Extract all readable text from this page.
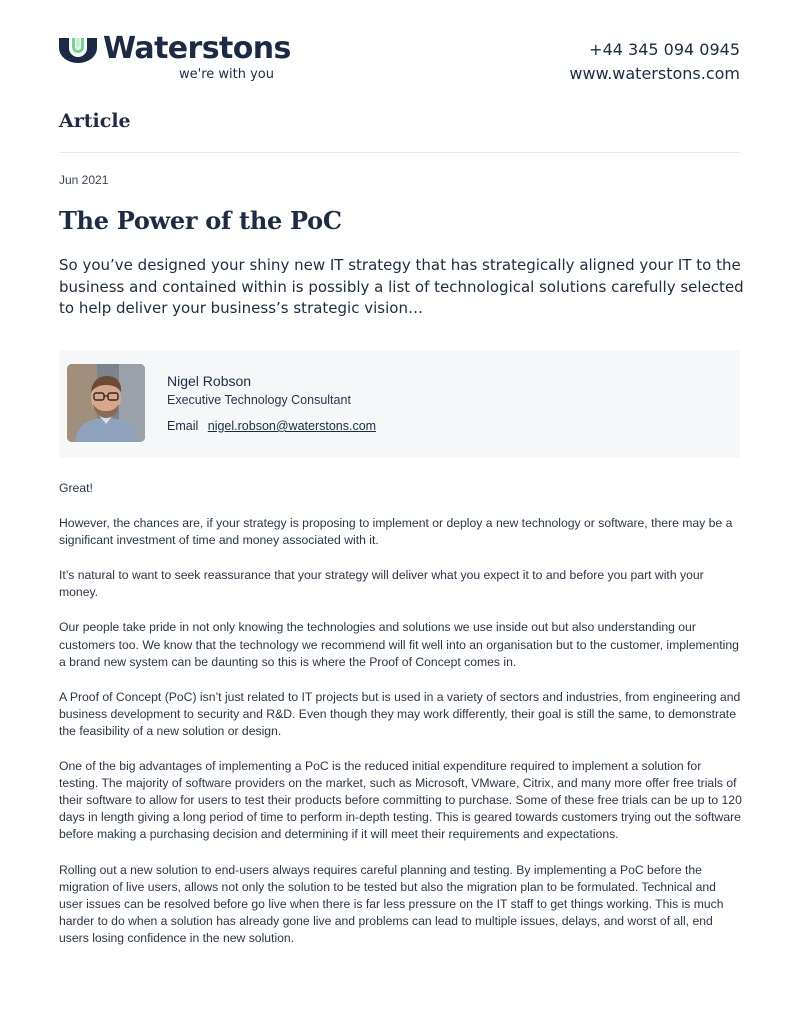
Waterstons
we're with you
+44 345 094 0945
www.waterstons.com
Article
Jun 2021
The Power of the PoC

So you’ve designed your shiny new IT strategy that has strategically aligned your IT to the business and contained within is possibly a list of technological solutions carefully selected to help deliver your business’s strategic vision…

Nigel Robson
Executive Technology Consultant
Email nigel.robson@waterstons.com

Great!

However, the chances are, if your strategy is proposing to implement or deploy a new technology or software, there may be a significant investment of time and money associated with it.

It’s natural to want to seek reassurance that your strategy will deliver what you expect it to and before you part with your money.

Our people take pride in not only knowing the technologies and solutions we use inside out but also understanding our customers too. We know that the technology we recommend will fit well into an organisation but to the customer, implementing a brand new system can be daunting so this is where the Proof of Concept comes in.

A Proof of Concept (PoC) isn’t just related to IT projects but is used in a variety of sectors and industries, from engineering and business development to security and R&D. Even though they may work differently, their goal is still the same, to demonstrate the feasibility of a new solution or design.

One of the big advantages of implementing a PoC is the reduced initial expenditure required to implement a solution for testing. The majority of software providers on the market, such as Microsoft, VMware, Citrix, and many more offer free trials of their software to allow for users to test their products before committing to purchase. Some of these free trials can be up to 120 days in length giving a long period of time to perform in-depth testing. This is geared towards customers trying out the software before making a purchasing decision and determining if it will meet their requirements and expectations.

Rolling out a new solution to end-users always requires careful planning and testing. By implementing a PoC before the migration of live users, allows not only the solution to be tested but also the migration plan to be formulated. Technical and user issues can be resolved before go live when there is far less pressure on the IT staff to get things working. This is much harder to do when a solution has already gone live and problems can lead to multiple issues, delays, and worst of all, end users losing confidence in the new solution.
